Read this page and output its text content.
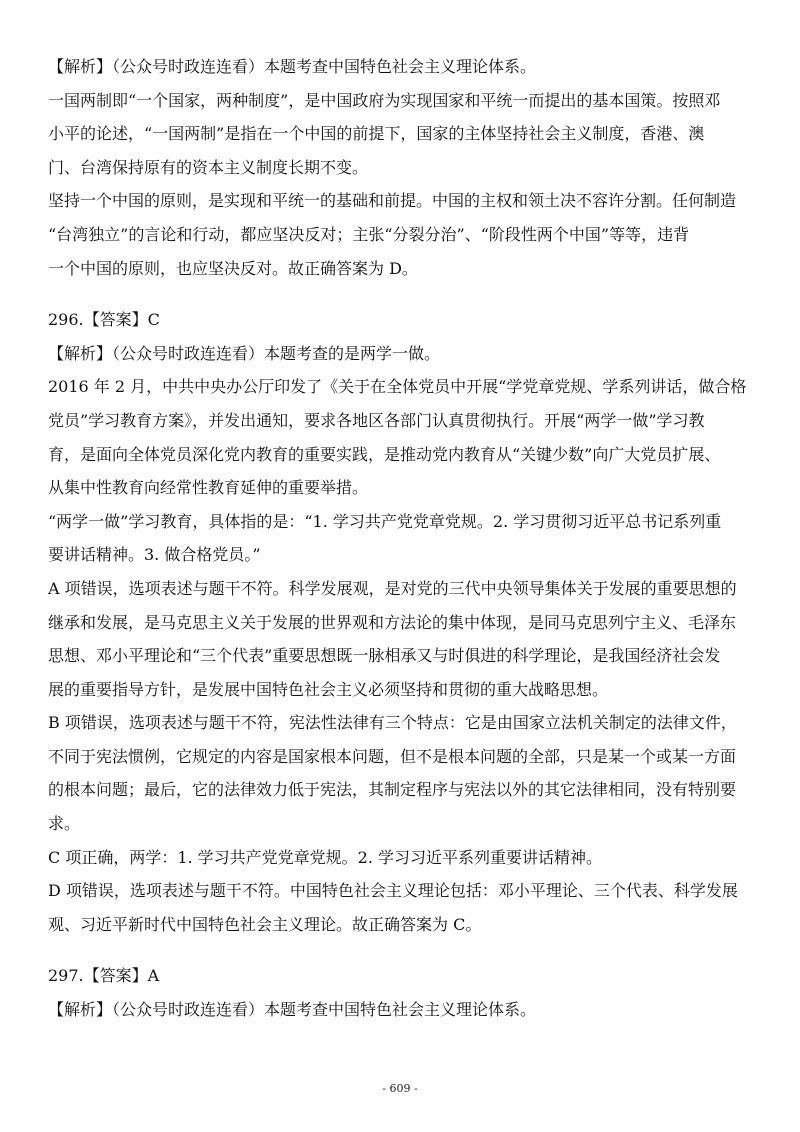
【解析】（公众号时政连连看）本题考查中国特色社会主义理论体系。
一国两制即“一个国家，两种制度”，是中国政府为实现国家和平统一而提出的基本国策。按照邓
小平的论述，“一国两制”是指在一个中国的前提下，国家的主体坚持社会主义制度，香港、澳
门、台湾保持原有的资本主义制度长期不变。
坚持一个中国的原则，是实现和平统一的基础和前提。中国的主权和领土决不容许分割。任何制造
“台湾独立”的言论和行动，都应坚决反对；主张“分裂分治”、“阶段性两个中国”等等，违背
一个中国的原则，也应坚决反对。故正确答案为 D。
296.【答案】C
【解析】（公众号时政连连看）本题考查的是两学一做。
2016 年 2 月，中共中央办公厅印发了《关于在全体党员中开展“学党章党规、学系列讲话，做合格
党员”学习教育方案》，并发出通知，要求各地区各部门认真贯彻执行。开展“两学一做”学习教
育，是面向全体党员深化党内教育的重要实践，是推动党内教育从“关键少数”向广大党员扩展、
从集中性教育向经常性教育延伸的重要举措。
“两学一做”学习教育，具体指的是：“1. 学习共产党党章党规。2. 学习贯彻习近平总书记系列重
要讲话精神。3. 做合格党员。”
A 项错误，选项表述与题干不符。科学发展观，是对党的三代中央领导集体关于发展的重要思想的
继承和发展，是马克思主义关于发展的世界观和方法论的集中体现，是同马克思列宁主义、毛泽东
思想、邓小平理论和“三个代表”重要思想既一脉相承又与时俱进的科学理论，是我国经济社会发
展的重要指导方针，是发展中国特色社会主义必须坚持和贯彻的重大战略思想。
B 项错误，选项表述与题干不符，宪法性法律有三个特点：它是由国家立法机关制定的法律文件，
不同于宪法惯例，它规定的内容是国家根本问题，但不是根本问题的全部，只是某一个或某一方面
的根本问题；最后，它的法律效力低于宪法，其制定程序与宪法以外的其它法律相同，没有特别要
求。
C 项正确，两学：1. 学习共产党党章党规。2. 学习习近平系列重要讲话精神。
D 项错误，选项表述与题干不符。中国特色社会主义理论包括：邓小平理论、三个代表、科学发展
观、习近平新时代中国特色社会主义理论。故正确答案为 C。
297.【答案】A
【解析】（公众号时政连连看）本题考查中国特色社会主义理论体系。
- 609 -
